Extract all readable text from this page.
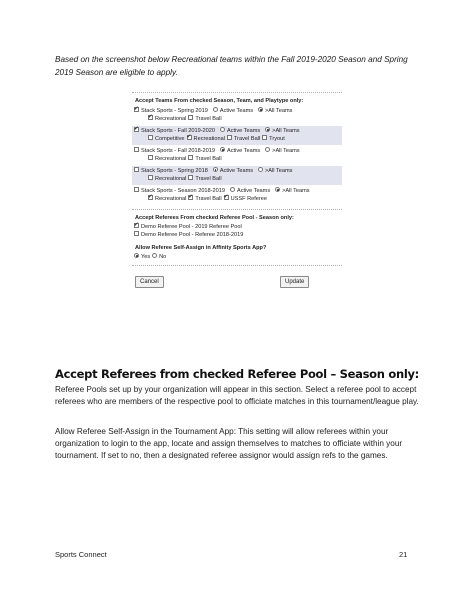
Based on the screenshot below Recreational teams within the Fall 2019-2020 Season and Spring 2019 Season are eligible to apply.
Accept Teams From checked Season, Team, and Playtype only:
✔Stack Sports - Spring 2019 Active Teams >All Teams
✔Recreational Travel Ball
✔Stack Sports - Fall 2019-2020 Active Teams >All Teams
Competitive ✔ Recreational Travel Ball Tryout
Stack Sports - Fall 2018-2019 Active Teams >All Teams
Recreational Travel Ball
Stack Sports - Spring 2018 Active Teams >All Teams
Recreational Travel Ball
Stack Sports - Season 2018-2019 Active Teams >All Teams
✔Recreational ✔ Travel Ball ✔ USSF Referee
Accept Referees From checked Referee Pool - Season only:
✔Demo Referee Pool - 2019 Referee Pool
Demo Referee Pool - Referee 2018-2019
Allow Referee Self-Assign in Affinity Sports App?
Yes No
Cancel	Update
Accept Referees from checked Referee Pool – Season only:
Referee Pools set up by your organization will appear in this section. Select a referee pool to accept referees who are members of the respective pool to officiate matches in this tournament/league play.
Allow Referee Self-Assign in the Tournament App: This setting will allow referees within your organization to login to the app, locate and assign themselves to matches to officiate within your tournament. If set to no, then a designated referee assignor would assign refs to the games.
Sports Connect	21
